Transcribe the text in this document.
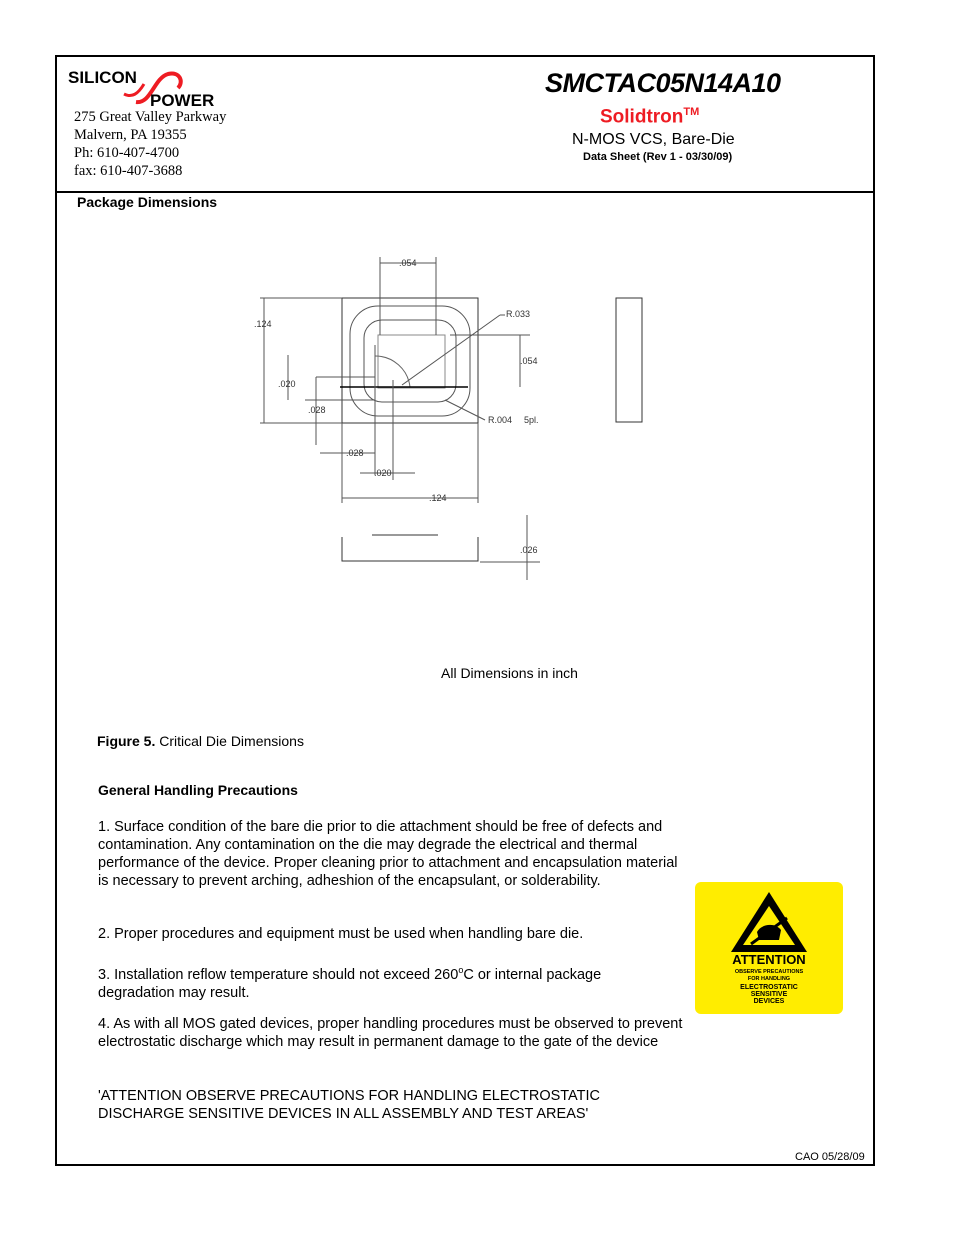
SILICON
POWER
275 Great Valley Parkway
Malvern, PA 19355
Ph: 610-407-4700
fax: 610-407-3688
SMCTAC05N14A10
Solidtron™
N-MOS VCS, Bare-Die
Data Sheet (Rev 1 - 03/30/09)
Package Dimensions
.054
.124
R.033
.054
.020
.028
R.004 5pl.
.028
.020
.124
.026
All Dimensions in inch
Figure 5. Critical Die Dimensions
General Handling Precautions
1. Surface condition of the bare die prior to die attachment should be free of defects and contamination. Any contamination on the die may degrade the electrical and thermal performance of the device. Proper cleaning prior to attachment and encapsulation material is necessary to prevent arching, adheshion of the encapsulant, or solderability.
2. Proper procedures and equipment must be used when handling bare die.
3. Installation reflow temperature should not exceed 260$^o$C or internal package degradation may result.
4. As with all MOS gated devices, proper handling procedures must be observed to prevent electrostatic discharge which may result in permanent damage to the gate of the device
'ATTENTION OBSERVE PRECAUTIONS FOR HANDLING ELECTROSTATIC DISCHARGE SENSITIVE DEVICES IN ALL ASSEMBLY AND TEST AREAS'
ATTENTION
OBSERVE PRECAUTIONS
FOR HANDLING
ELECTROSTATIC
SENSITIVE
DEVICES
CAO 05/28/09
